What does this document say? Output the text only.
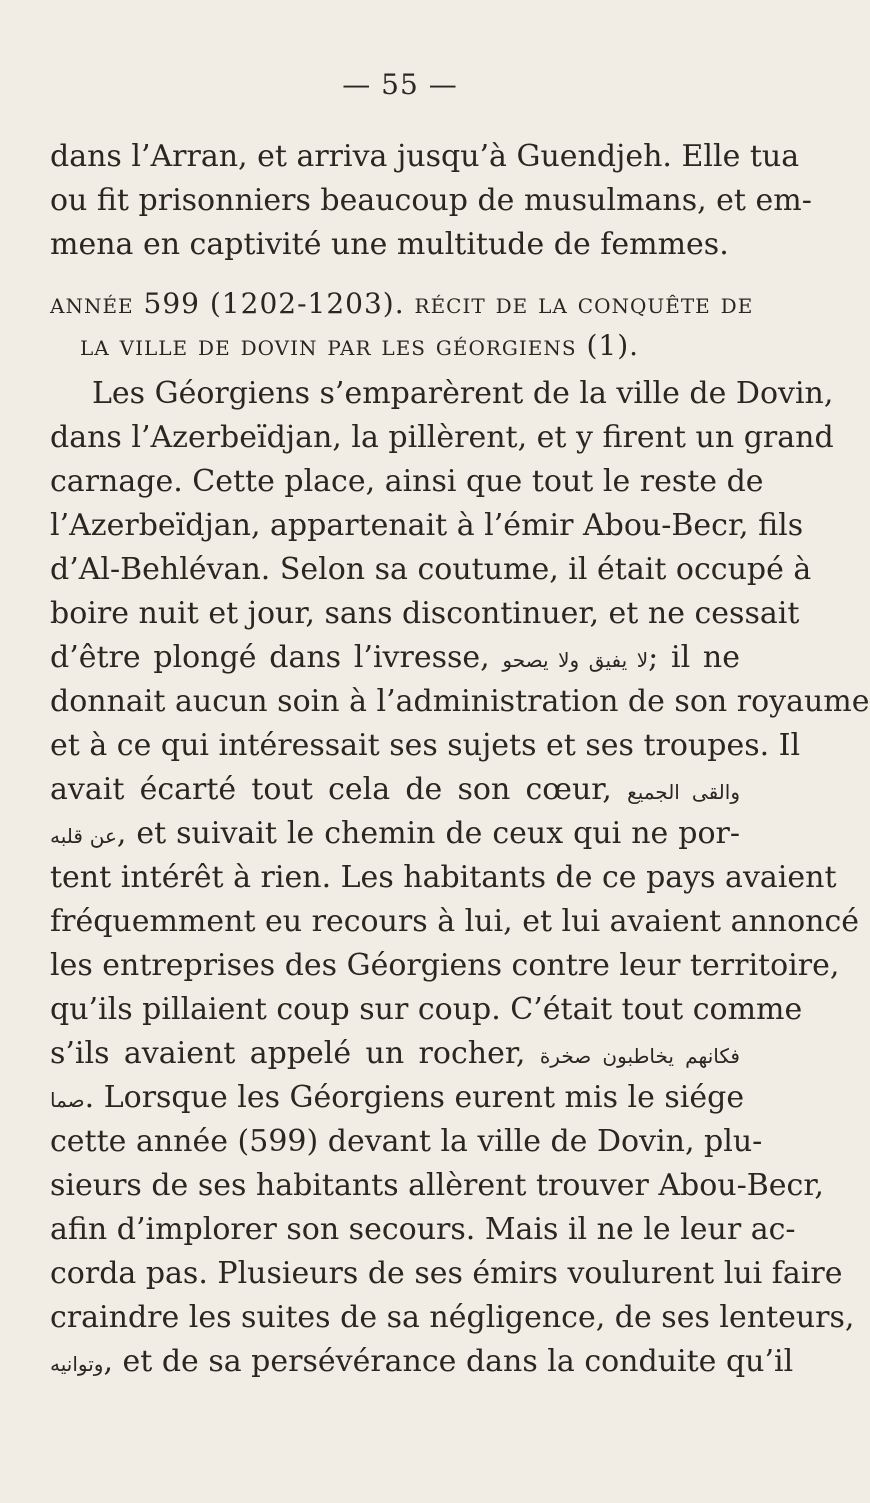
— 55 —
dans l’Arran, et arriva jusqu’à Guendjeh. Elle tua
ou fit prisonniers beaucoup de musulmans, et em-
mena en captivité une multitude de femmes.
année 599 (1202-1203). récit de la conquête de
la ville de dovin par les géorgiens (1).
Les Géorgiens s’emparèrent de la ville de Dovin,
dans l’Azerbeïdjan, la pillèrent, et y firent un grand
carnage. Cette place, ainsi que tout le reste de
l’Azerbeïdjan, appartenait à l’émir Abou-Becr, fils
d’Al-Behlévan. Selon sa coutume, il était occupé à
boire nuit et jour, sans discontinuer, et ne cessait
d’être plongé dans l’ivresse, لا يفيق ولا يصحو; il ne
donnait aucun soin à l’administration de son royaume
et à ce qui intéressait ses sujets et ses troupes. Il
avait écarté tout cela de son cœur, والقى الجميع
عن قلبه, et suivait le chemin de ceux qui ne por-
tent intérêt à rien. Les habitants de ce pays avaient
fréquemment eu recours à lui, et lui avaient annoncé
les entreprises des Géorgiens contre leur territoire,
qu’ils pillaient coup sur coup. C’était tout comme
s’ils avaient appelé un rocher, فكانهم يخاطبون صخرة
صما. Lorsque les Géorgiens eurent mis le siége
cette année (599) devant la ville de Dovin, plu-
sieurs de ses habitants allèrent trouver Abou-Becr,
afin d’implorer son secours. Mais il ne le leur ac-
corda pas. Plusieurs de ses émirs voulurent lui faire
craindre les suites de sa négligence, de ses lenteurs,
وتوانيه, et de sa persévérance dans la conduite qu’il
